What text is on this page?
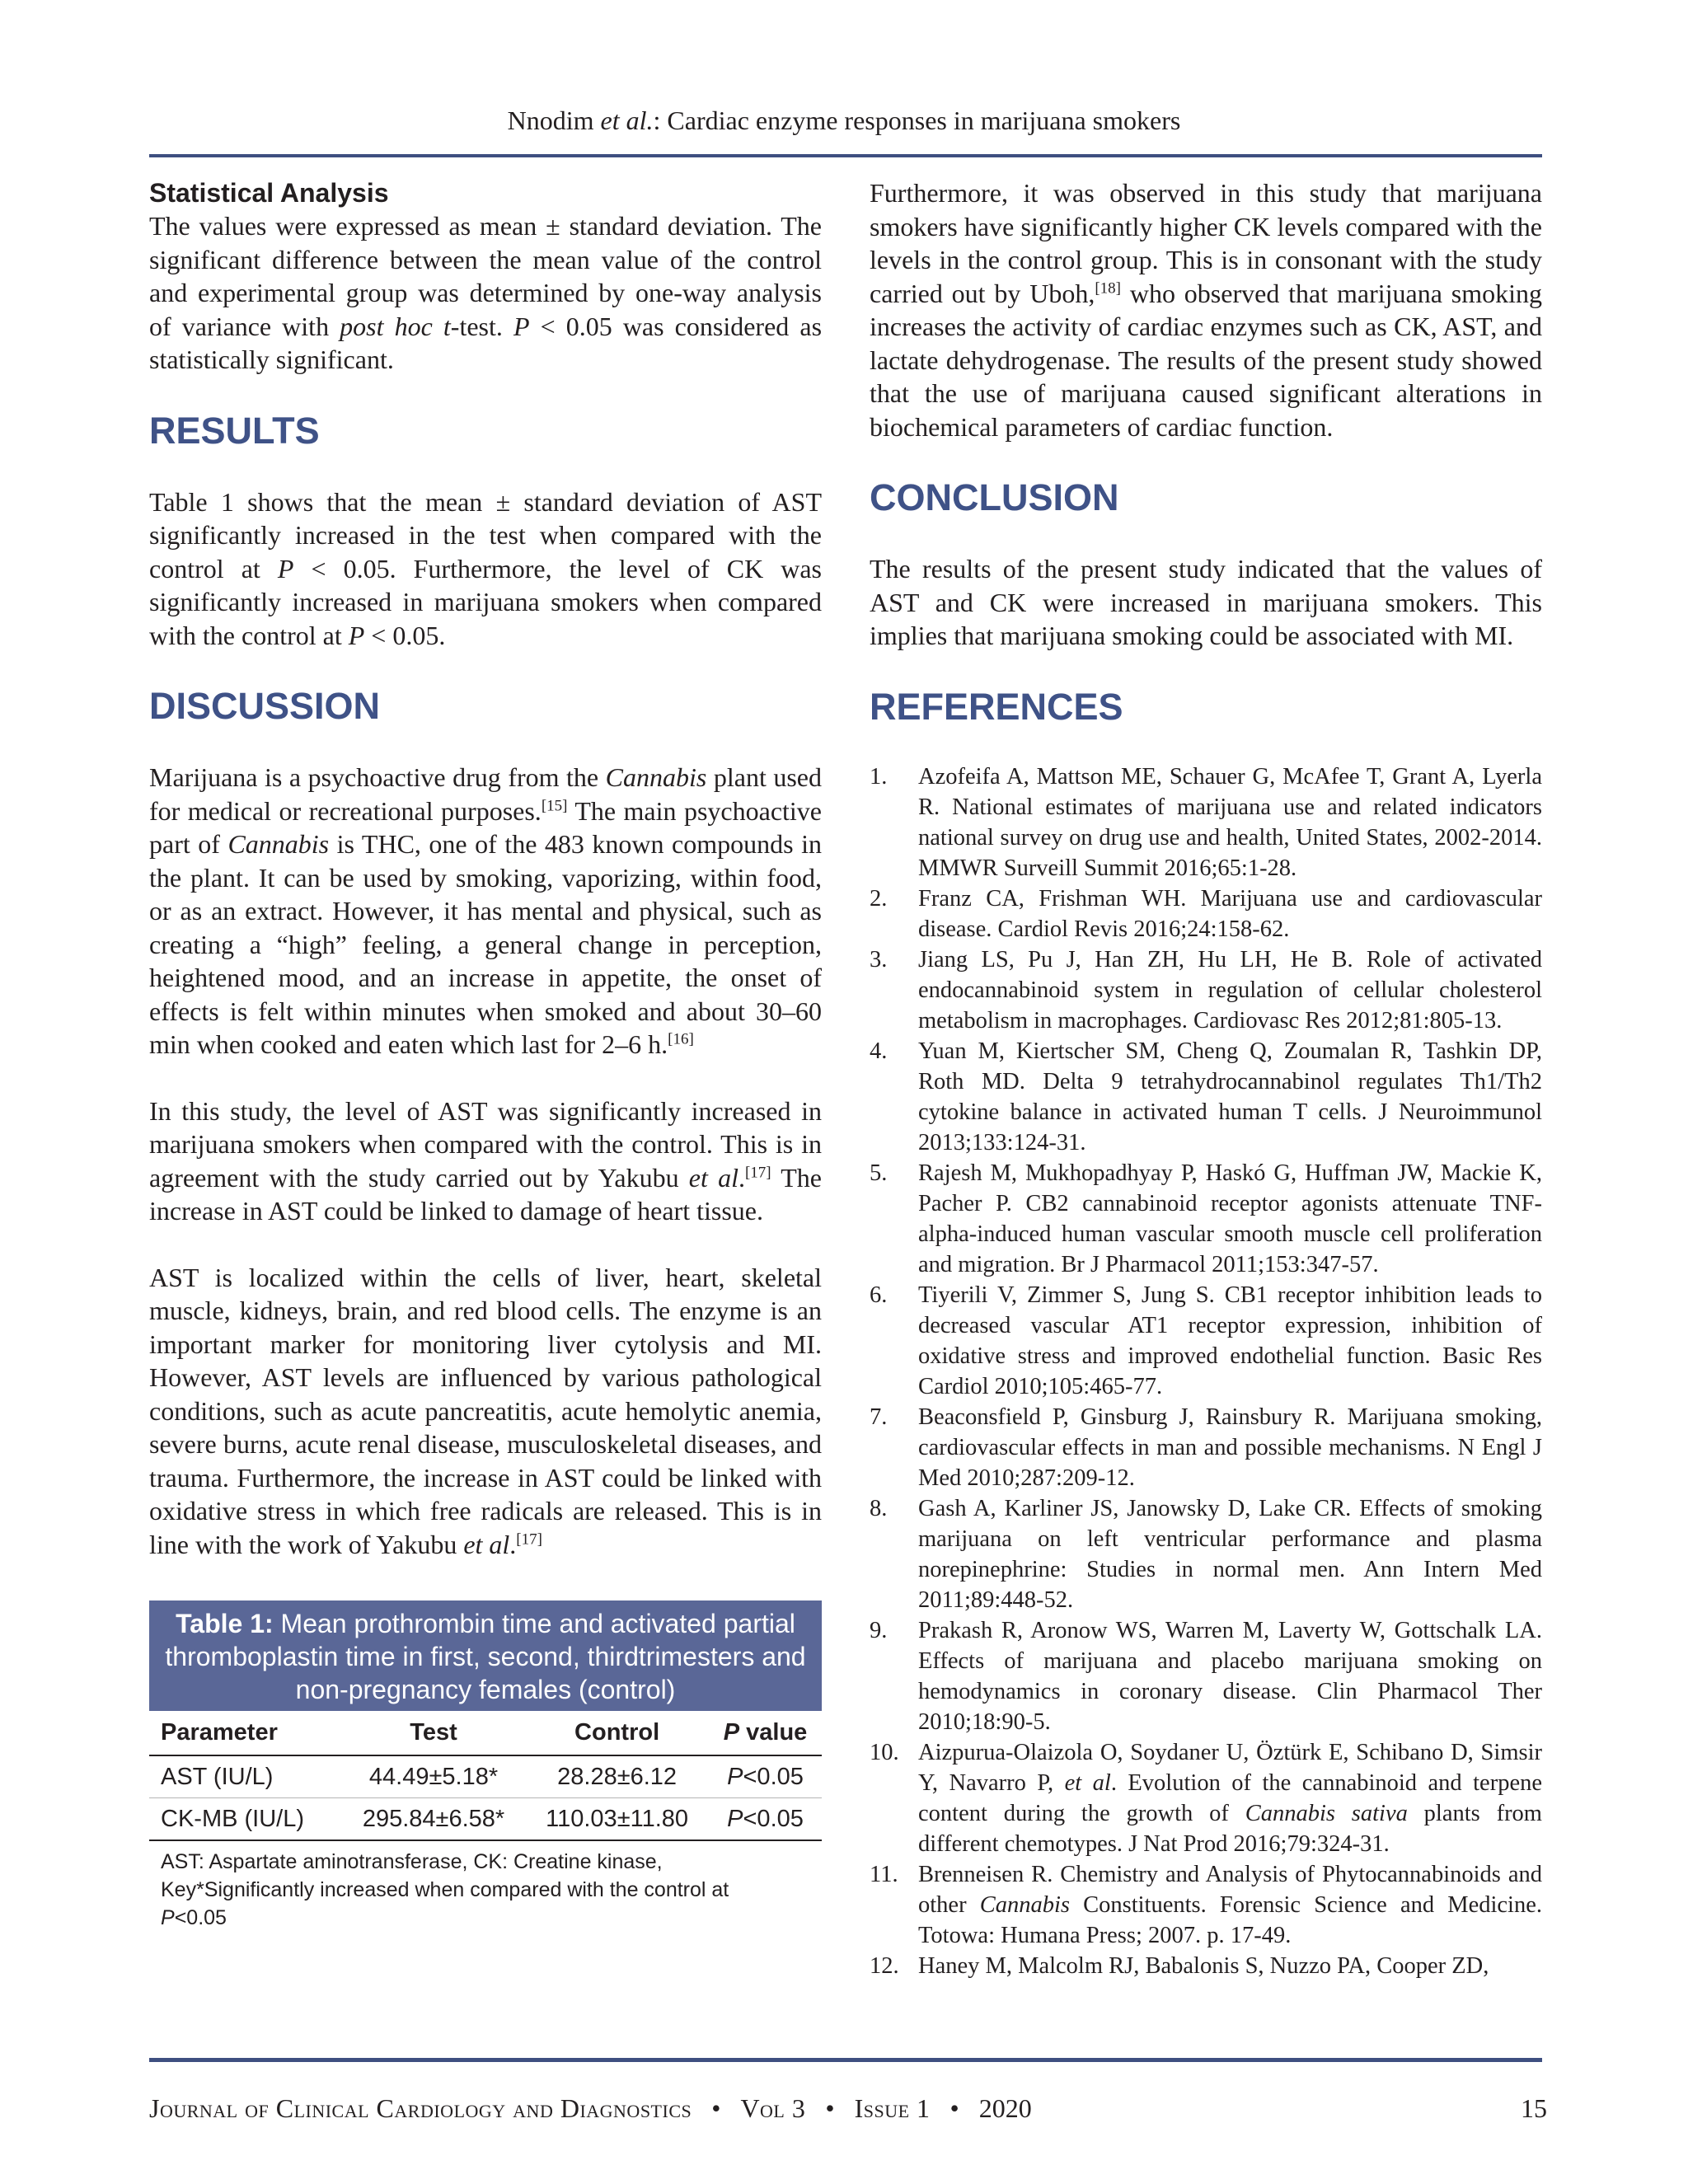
Nnodim et al.: Cardiac enzyme responses in marijuana smokers
Statistical Analysis

The values were expressed as mean ± standard deviation. The significant difference between the mean value of the control and experimental group was determined by one-way analysis of variance with post hoc t-test. P < 0.05 was considered as statistically significant.

RESULTS

Table 1 shows that the mean ± standard deviation of AST significantly increased in the test when compared with the control at P < 0.05. Furthermore, the level of CK was significantly increased in marijuana smokers when compared with the control at P < 0.05.

DISCUSSION

Marijuana is a psychoactive drug from the Cannabis plant used for medical or recreational purposes.[15] The main psychoactive part of Cannabis is THC, one of the 483 known compounds in the plant. It can be used by smoking, vaporizing, within food, or as an extract. However, it has mental and physical, such as creating a “high” feeling, a general change in perception, heightened mood, and an increase in appetite, the onset of effects is felt within minutes when smoked and about 30–60 min when cooked and eaten which last for 2–6 h.[16]

In this study, the level of AST was significantly increased in marijuana smokers when compared with the control. This is in agreement with the study carried out by Yakubu et al.[17] The increase in AST could be linked to damage of heart tissue.

AST is localized within the cells of liver, heart, skeletal muscle, kidneys, brain, and red blood cells. The enzyme is an important marker for monitoring liver cytolysis and MI. However, AST levels are influenced by various pathological conditions, such as acute pancreatitis, acute hemolytic anemia, severe burns, acute renal disease, musculoskeletal diseases, and trauma. Furthermore, the increase in AST could be linked with oxidative stress in which free radicals are released. This is in line with the work of Yakubu et al.[17]

Table 1: Mean prothrombin time and activated partial thromboplastin time in first, second, thirdtrimesters and non-pregnancy females (control)
Parameter	Test	Control	P value
AST (IU/L)	44.49±5.18*	28.28±6.12	P<0.05
CK-MB (IU/L)	295.84±6.58*	110.03±11.80	P<0.05
AST: Aspartate aminotransferase, CK: Creatine kinase,
Key*Significantly increased when compared with the control at
P<0.05

Furthermore, it was observed in this study that marijuana smokers have significantly higher CK levels compared with the levels in the control group. This is in consonant with the study carried out by Uboh,[18] who observed that marijuana smoking increases the activity of cardiac enzymes such as CK, AST, and lactate dehydrogenase. The results of the present study showed that the use of marijuana caused significant alterations in biochemical parameters of cardiac function.

CONCLUSION

The results of the present study indicated that the values of AST and CK were increased in marijuana smokers. This implies that marijuana smoking could be associated with MI.

REFERENCES
1. Azofeifa A, Mattson ME, Schauer G, McAfee T, Grant A, Lyerla R. National estimates of marijuana use and related indicators national survey on drug use and health, United States, 2002-2014. MMWR Surveill Summit 2016;65:1-28.
2. Franz CA, Frishman WH. Marijuana use and cardiovascular disease. Cardiol Revis 2016;24:158-62.
3. Jiang LS, Pu J, Han ZH, Hu LH, He B. Role of activated endocannabinoid system in regulation of cellular cholesterol metabolism in macrophages. Cardiovasc Res 2012;81:805-13.
4. Yuan M, Kiertscher SM, Cheng Q, Zoumalan R, Tashkin DP, Roth MD. Delta 9 tetrahydrocannabinol regulates Th1/Th2 cytokine balance in activated human T cells. J Neuroimmunol 2013;133:124-31.
5. Rajesh M, Mukhopadhyay P, Haskó G, Huffman JW, Mackie K, Pacher P. CB2 cannabinoid receptor agonists attenuate TNF-alpha-induced human vascular smooth muscle cell proliferation and migration. Br J Pharmacol 2011;153:347-57.
6. Tiyerili V, Zimmer S, Jung S. CB1 receptor inhibition leads to decreased vascular AT1 receptor expression, inhibition of oxidative stress and improved endothelial function. Basic Res Cardiol 2010;105:465-77.
7. Beaconsfield P, Ginsburg J, Rainsbury R. Marijuana smoking, cardiovascular effects in man and possible mechanisms. N Engl J Med 2010;287:209-12.
8. Gash A, Karliner JS, Janowsky D, Lake CR. Effects of smoking marijuana on left ventricular performance and plasma norepinephrine: Studies in normal men. Ann Intern Med 2011;89:448-52.
9. Prakash R, Aronow WS, Warren M, Laverty W, Gottschalk LA. Effects of marijuana and placebo marijuana smoking on hemodynamics in coronary disease. Clin Pharmacol Ther 2010;18:90-5.
10. Aizpurua-Olaizola O, Soydaner U, Öztürk E, Schibano D, Simsir Y, Navarro P, et al. Evolution of the cannabinoid and terpene content during the growth of Cannabis sativa plants from different chemotypes. J Nat Prod 2016;79:324-31.
11. Brenneisen R. Chemistry and Analysis of Phytocannabinoids and other Cannabis Constituents. Forensic Science and Medicine. Totowa: Humana Press; 2007. p. 17-49.
12. Haney M, Malcolm RJ, Babalonis S, Nuzzo PA, Cooper ZD,
Journal of Clinical Cardiology and Diagnostics • Vol 3 • Issue 1 • 2020	15
